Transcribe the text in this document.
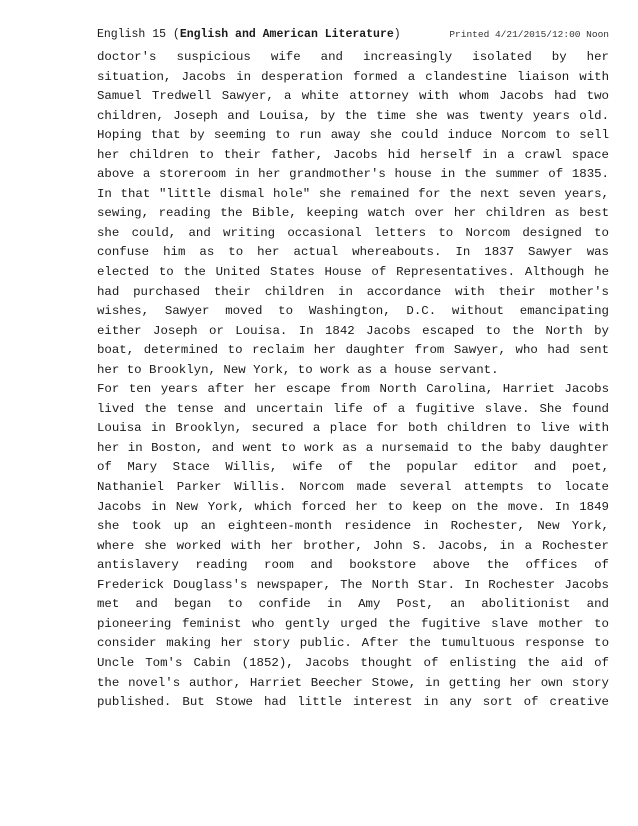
English 15 (English and American Literature)	Printed 4/21/2015/12:00 Noon
doctor's suspicious wife and increasingly isolated by her
situation, Jacobs in desperation formed a clandestine liaison with
Samuel Tredwell Sawyer, a white attorney with whom Jacobs had two
children, Joseph and Louisa, by the time she was twenty years old.
Hoping that by seeming to run away she could induce Norcom to sell
her children to their father, Jacobs hid herself in a crawl space
above a storeroom in her grandmother's house in the summer of 1835.
In that "little dismal hole" she remained for the next seven years,
sewing, reading the Bible, keeping watch over her children as best
she could, and writing occasional letters to Norcom designed to
confuse him as to her actual whereabouts. In 1837 Sawyer was
elected to the United States House of Representatives. Although he
had purchased their children in accordance with their mother's
wishes, Sawyer moved to Washington, D.C. without emancipating
either Joseph or Louisa. In 1842 Jacobs escaped to the North by
boat, determined to reclaim her daughter from Sawyer, who had sent
her to Brooklyn, New York, to work as a house servant.
For ten years after her escape from North Carolina, Harriet Jacobs
lived the tense and uncertain life of a fugitive slave. She found
Louisa in Brooklyn, secured a place for both children to live with
her in Boston, and went to work as a nursemaid to the baby daughter
of Mary Stace Willis, wife of the popular editor and poet,
Nathaniel Parker Willis. Norcom made several attempts to locate
Jacobs in New York, which forced her to keep on the move. In 1849
she took up an eighteen-month residence in Rochester, New York,
where she worked with her brother, John S. Jacobs, in a Rochester
antislavery reading room and bookstore above the offices of
Frederick Douglass's newspaper, The North Star. In Rochester Jacobs
met and began to confide in Amy Post, an abolitionist and
pioneering feminist who gently urged the fugitive slave mother to
consider making her story public. After the tumultuous response to
Uncle Tom's Cabin (1852), Jacobs thought of enlisting the aid of
the novel's author, Harriet Beecher Stowe, in getting her own story
published. But Stowe had little interest in any sort of creative
